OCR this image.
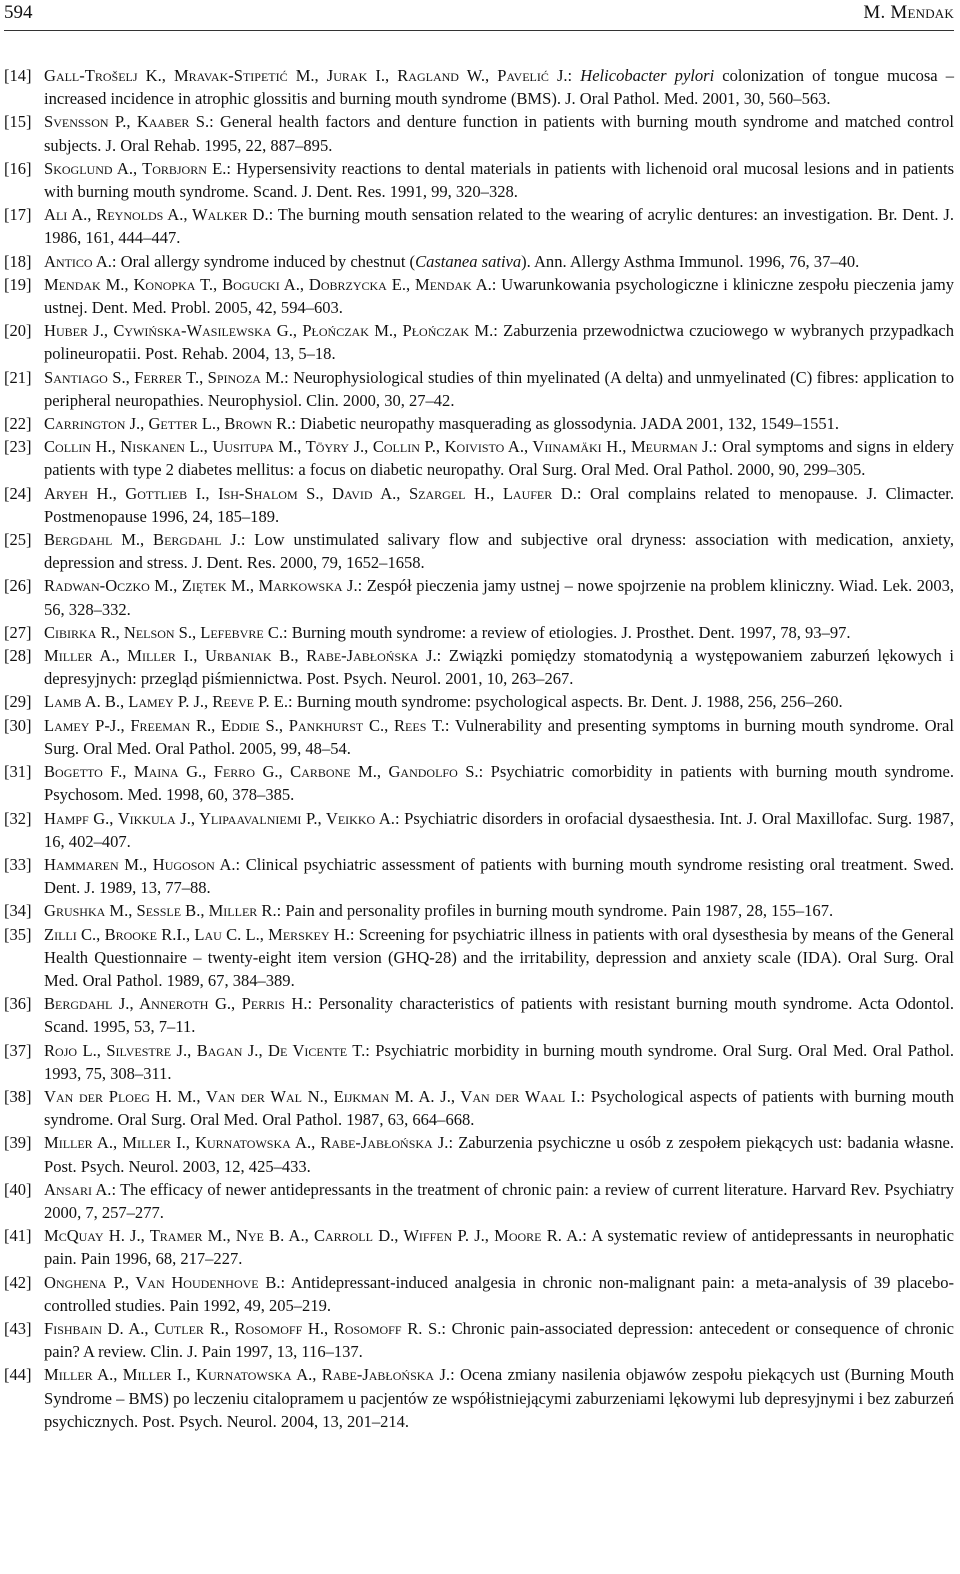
594	M. Mendak
[14] Gall-Trošelj K., Mravak-Stipetić M., Jurak I., Ragland W., Pavelić J.: Helicobacter pylori colonization of tongue mucosa – increased incidence in atrophic glossitis and burning mouth syndrome (BMS). J. Oral Pathol. Med. 2001, 30, 560–563.
[15] Svensson P., Kaaber S.: General health factors and denture function in patients with burning mouth syndrome and matched control subjects. J. Oral Rehab. 1995, 22, 887–895.
[16] Skoglund A., Torbjorn E.: Hypersensivity reactions to dental materials in patients with lichenoid oral mucosal lesions and in patients with burning mouth syndrome. Scand. J. Dent. Res. 1991, 99, 320–328.
[17] Ali A., Reynolds A., Walker D.: The burning mouth sensation related to the wearing of acrylic dentures: an investigation. Br. Dent. J. 1986, 161, 444–447.
[18] Antico A.: Oral allergy syndrome induced by chestnut (Castanea sativa). Ann. Allergy Asthma Immunol. 1996, 76, 37–40.
[19] Mendak M., Konopka T., Bogucki A., Dobrzycka E., Mendak A.: Uwarunkowania psychologiczne i kliniczne zespołu pieczenia jamy ustnej. Dent. Med. Probl. 2005, 42, 594–603.
[20] Huber J., Cywińska-Wasilewska G., Płończak M., Płończak M.: Zaburzenia przewodnictwa czuciowego w wybranych przypadkach polineuropatii. Post. Rehab. 2004, 13, 5–18.
[21] Santiago S., Ferrer T., Spinoza M.: Neurophysiological studies of thin myelinated (A delta) and unmyelinated (C) fibres: application to peripheral neuropathies. Neurophysiol. Clin. 2000, 30, 27–42.
[22] Carrington J., Getter L., Brown R.: Diabetic neuropathy masquerading as glossodynia. JADA 2001, 132, 1549–1551.
[23] Collin H., Niskanen L., Uusitupa M., Töyry J., Collin P., Koivisto A., Viinamäki H., Meurman J.: Oral symptoms and signs in eldery patients with type 2 diabetes mellitus: a focus on diabetic neuropathy. Oral Surg. Oral Med. Oral Pathol. 2000, 90, 299–305.
[24] Aryeh H., Gottlieb I., Ish-Shalom S., David A., Szargel H., Laufer D.: Oral complains related to menopause. J. Climacter. Postmenopause 1996, 24, 185–189.
[25] Bergdahl M., Bergdahl J.: Low unstimulated salivary flow and subjective oral dryness: association with medication, anxiety, depression and stress. J. Dent. Res. 2000, 79, 1652–1658.
[26] Radwan-Oczko M., Ziętek M., Markowska J.: Zespół pieczenia jamy ustnej – nowe spojrzenie na problem kliniczny. Wiad. Lek. 2003, 56, 328–332.
[27] Cibirka R., Nelson S., Lefebvre C.: Burning mouth syndrome: a review of etiologies. J. Prosthet. Dent. 1997, 78, 93–97.
[28] Miller A., Miller I., Urbaniak B., Rabe-Jabłońska J.: Związki pomiędzy stomatodynią a występowaniem zaburzeń lękowych i depresyjnych: przegląd piśmiennictwa. Post. Psych. Neurol. 2001, 10, 263–267.
[29] Lamb A. B., Lamey P. J., Reeve P. E.: Burning mouth syndrome: psychological aspects. Br. Dent. J. 1988, 256, 256–260.
[30] Lamey P-J., Freeman R., Eddie S., Pankhurst C., Rees T.: Vulnerability and presenting symptoms in burning mouth syndrome. Oral Surg. Oral Med. Oral Pathol. 2005, 99, 48–54.
[31] Bogetto F., Maina G., Ferro G., Carbone M., Gandolfo S.: Psychiatric comorbidity in patients with burning mouth syndrome. Psychosom. Med. 1998, 60, 378–385.
[32] Hampf G., Vikkula J., Ylipaavalniemi P., Veikko A.: Psychiatric disorders in orofacial dysaesthesia. Int. J. Oral Maxillofac. Surg. 1987, 16, 402–407.
[33] Hammaren M., Hugoson A.: Clinical psychiatric assessment of patients with burning mouth syndrome resisting oral treatment. Swed. Dent. J. 1989, 13, 77–88.
[34] Grushka M., Sessle B., Miller R.: Pain and personality profiles in burning mouth syndrome. Pain 1987, 28, 155–167.
[35] Zilli C., Brooke R.I., Lau C. L., Merskey H.: Screening for psychiatric illness in patients with oral dysesthesia by means of the General Health Questionnaire – twenty-eight item version (GHQ-28) and the irritability, depression and anxiety scale (IDA). Oral Surg. Oral Med. Oral Pathol. 1989, 67, 384–389.
[36] Bergdahl J., Anneroth G., Perris H.: Personality characteristics of patients with resistant burning mouth syndrome. Acta Odontol. Scand. 1995, 53, 7–11.
[37] Rojo L., Silvestre J., Bagan J., De Vicente T.: Psychiatric morbidity in burning mouth syndrome. Oral Surg. Oral Med. Oral Pathol. 1993, 75, 308–311.
[38] Van der Ploeg H. M., Van der Wal N., Eijkman M. A. J., Van der Waal I.: Psychological aspects of patients with burning mouth syndrome. Oral Surg. Oral Med. Oral Pathol. 1987, 63, 664–668.
[39] Miller A., Miller I., Kurnatowska A., Rabe-Jabłońska J.: Zaburzenia psychiczne u osób z zespołem piekących ust: badania własne. Post. Psych. Neurol. 2003, 12, 425–433.
[40] Ansari A.: The efficacy of newer antidepressants in the treatment of chronic pain: a review of current literature. Harvard Rev. Psychiatry 2000, 7, 257–277.
[41] McQuay H. J., Tramer M., Nye B. A., Carroll D., Wiffen P. J., Moore R. A.: A systematic review of antidepressants in neurophatic pain. Pain 1996, 68, 217–227.
[42] Onghena P., Van Houdenhove B.: Antidepressant-induced analgesia in chronic non-malignant pain: a meta-analysis of 39 placebo-controlled studies. Pain 1992, 49, 205–219.
[43] Fishbain D. A., Cutler R., Rosomoff H., Rosomoff R. S.: Chronic pain-associated depression: antecedent or consequence of chronic pain? A review. Clin. J. Pain 1997, 13, 116–137.
[44] Miller A., Miller I., Kurnatowska A., Rabe-Jabłońska J.: Ocena zmiany nasilenia objawów zespołu piekących ust (Burning Mouth Syndrome – BMS) po leczeniu citalopramem u pacjentów ze współistniejącymi zaburzeniami lękowymi lub depresyjnymi i bez zaburzeń psychicznych. Post. Psych. Neurol. 2004, 13, 201–214.
